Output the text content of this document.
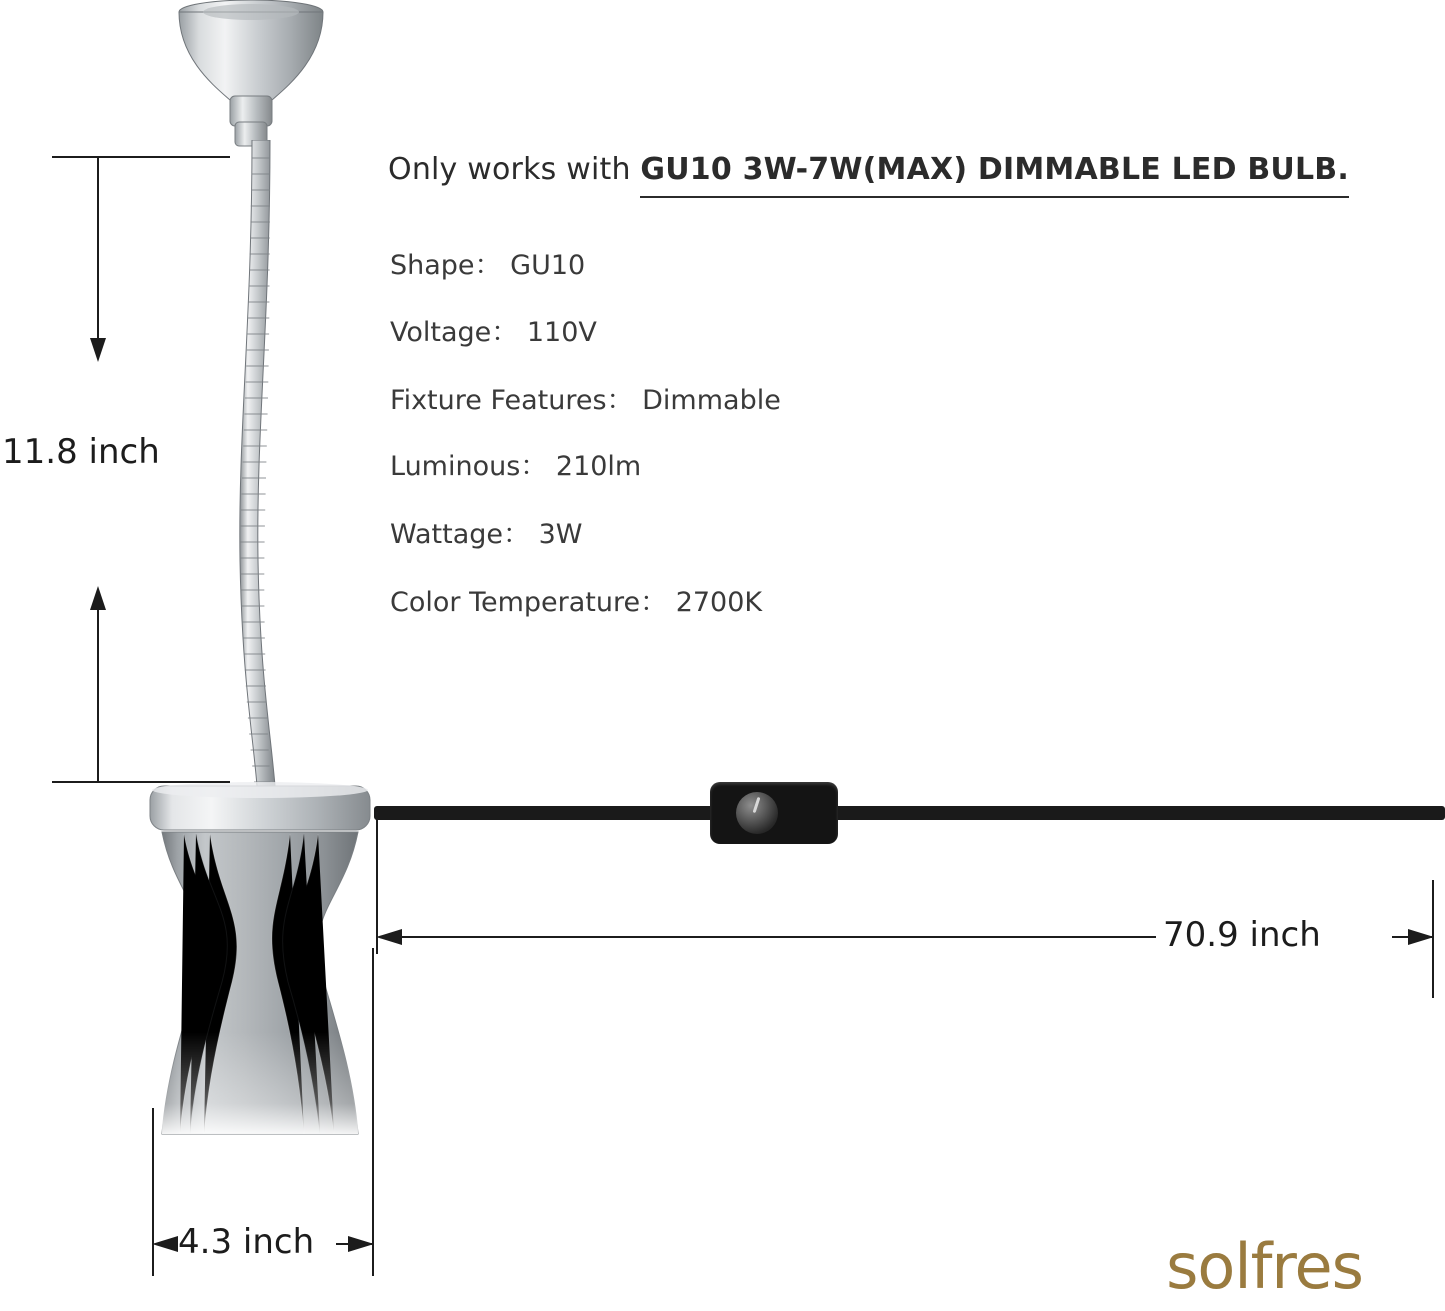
11.8 inch
70.9 inch
4.3 inch
Only works with GU10 3W-7W(MAX) DIMMABLE LED BULB.
Shape： GU10
Voltage： 110V
Fixture Features： Dimmable
Luminous： 210lm
Wattage： 3W
Color Temperature： 2700K
solfres
